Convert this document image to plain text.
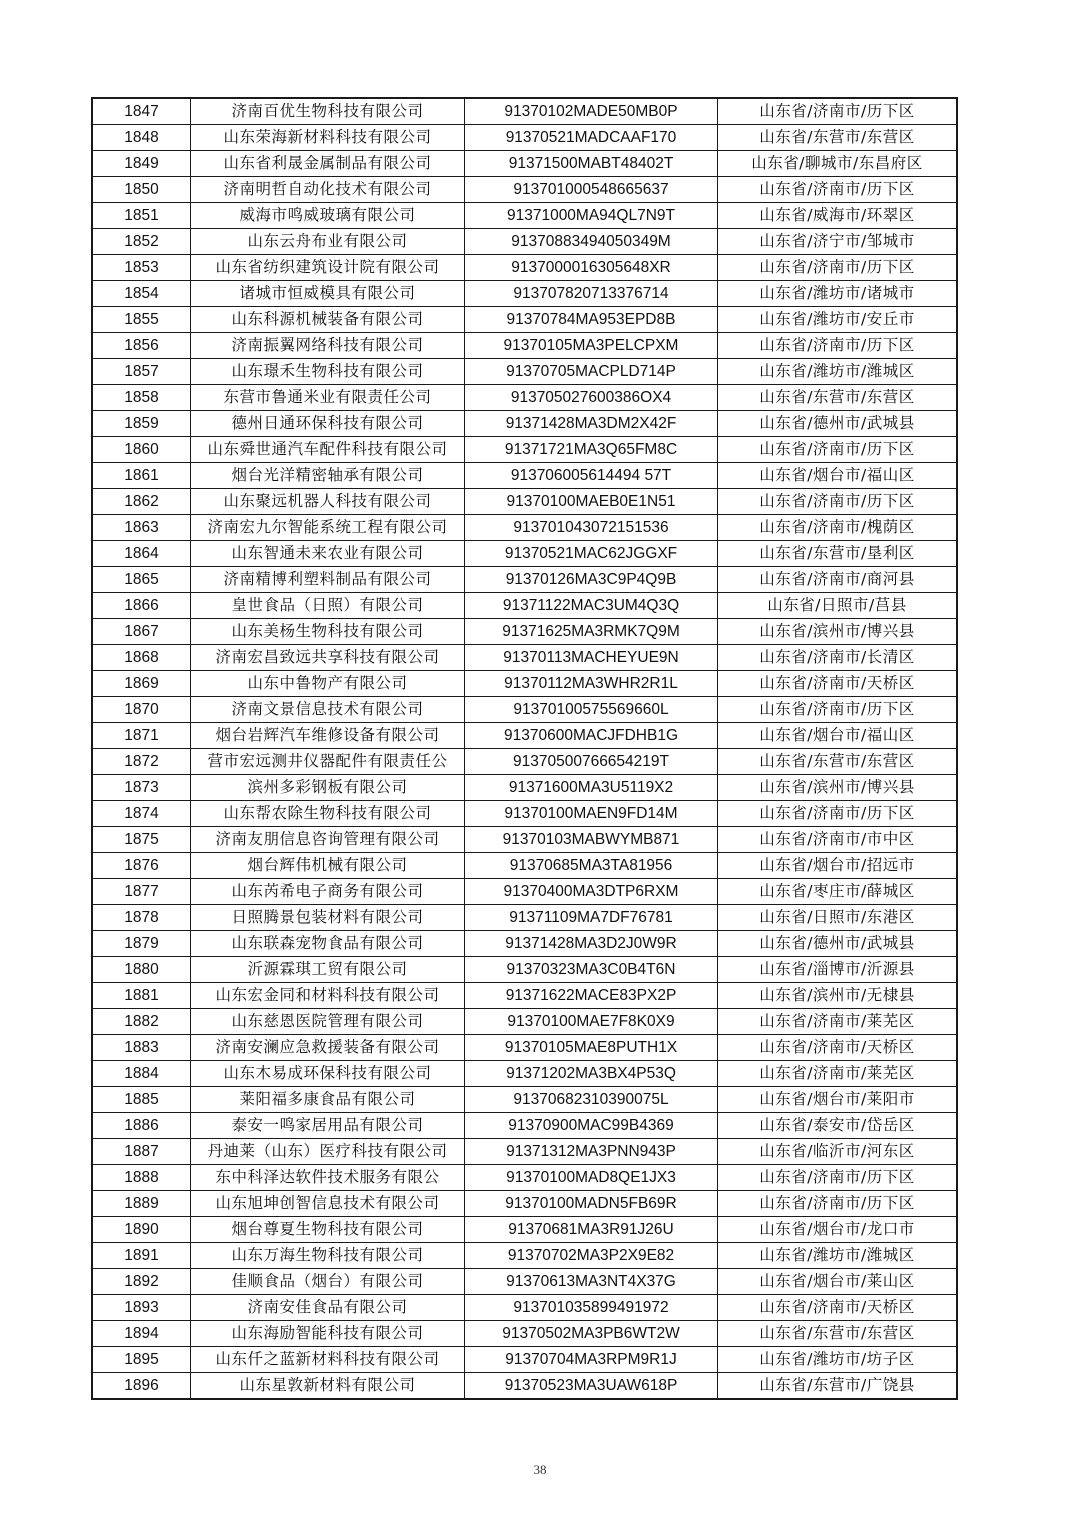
1847	济南百优生物科技有限公司	91370102MADE50MB0P	山东省/济南市/历下区
1848	山东荣海新材料科技有限公司	91370521MADCAAF170	山东省/东营市/东营区
1849	山东省利晟金属制品有限公司	91371500MABT48402T	山东省/聊城市/东昌府区
1850	济南明哲自动化技术有限公司	913701000548665637	山东省/济南市/历下区
1851	威海市鸣威玻璃有限公司	91371000MA94QL7N9T	山东省/威海市/环翠区
1852	山东云舟布业有限公司	91370883494050349M	山东省/济宁市/邹城市
1853	山东省纺织建筑设计院有限公司	9137000016305648XR	山东省/济南市/历下区
1854	诸城市恒威模具有限公司	913707820713376714	山东省/潍坊市/诸城市
1855	山东科源机械装备有限公司	91370784MA953EPD8B	山东省/潍坊市/安丘市
1856	济南振翼网络科技有限公司	91370105MA3PELCPXM	山东省/济南市/历下区
1857	山东璟禾生物科技有限公司	91370705MACPLD714P	山东省/潍坊市/潍城区
1858	东营市鲁通米业有限责任公司	913705027600386OX4	山东省/东营市/东营区
1859	德州日通环保科技有限公司	91371428MA3DM2X42F	山东省/德州市/武城县
1860	山东舜世通汽车配件科技有限公司	91371721MA3Q65FM8C	山东省/济南市/历下区
1861	烟台光洋精密轴承有限公司	913706005614494 57T	山东省/烟台市/福山区
1862	山东聚远机器人科技有限公司	91370100MAEB0E1N51	山东省/济南市/历下区
1863	济南宏九尔智能系统工程有限公司	913701043072151536	山东省/济南市/槐荫区
1864	山东智通未来农业有限公司	91370521MAC62JGGXF	山东省/东营市/垦利区
1865	济南精博利塑料制品有限公司	91370126MA3C9P4Q9B	山东省/济南市/商河县
1866	皇世食品（日照）有限公司	91371122MAC3UM4Q3Q	山东省/日照市/莒县
1867	山东美杨生物科技有限公司	91371625MA3RMK7Q9M	山东省/滨州市/博兴县
1868	济南宏昌致远共享科技有限公司	91370113MACHEYUE9N	山东省/济南市/长清区
1869	山东中鲁物产有限公司	91370112MA3WHR2R1L	山东省/济南市/天桥区
1870	济南文景信息技术有限公司	91370100575569660L	山东省/济南市/历下区
1871	烟台岩辉汽车维修设备有限公司	91370600MACJFDHB1G	山东省/烟台市/福山区
1872	营市宏远测井仪器配件有限责任公	91370500766654219T	山东省/东营市/东营区
1873	滨州多彩钢板有限公司	91371600MA3U5119X2	山东省/滨州市/博兴县
1874	山东帮农除生物科技有限公司	91370100MAEN9FD14M	山东省/济南市/历下区
1875	济南友朋信息咨询管理有限公司	91370103MABWYMB871	山东省/济南市/市中区
1876	烟台辉伟机械有限公司	91370685MA3TA81956	山东省/烟台市/招远市
1877	山东芮希电子商务有限公司	91370400MA3DTP6RXM	山东省/枣庄市/薛城区
1878	日照腾景包装材料有限公司	91371109MA7DF76781	山东省/日照市/东港区
1879	山东联森宠物食品有限公司	91371428MA3D2J0W9R	山东省/德州市/武城县
1880	沂源霖琪工贸有限公司	91370323MA3C0B4T6N	山东省/淄博市/沂源县
1881	山东宏金同和材料科技有限公司	91371622MACE83PX2P	山东省/滨州市/无棣县
1882	山东慈恩医院管理有限公司	91370100MAE7F8K0X9	山东省/济南市/莱芜区
1883	济南安澜应急救援装备有限公司	91370105MAE8PUTH1X	山东省/济南市/天桥区
1884	山东木易成环保科技有限公司	91371202MA3BX4P53Q	山东省/济南市/莱芜区
1885	莱阳福多康食品有限公司	91370682310390075L	山东省/烟台市/莱阳市
1886	泰安一鸣家居用品有限公司	91370900MAC99B4369	山东省/泰安市/岱岳区
1887	丹迪莱（山东）医疗科技有限公司	91371312MA3PNN943P	山东省/临沂市/河东区
1888	东中科泽达软件技术服务有限公	91370100MAD8QE1JX3	山东省/济南市/历下区
1889	山东旭坤创智信息技术有限公司	91370100MADN5FB69R	山东省/济南市/历下区
1890	烟台尊夏生物科技有限公司	91370681MA3R91J26U	山东省/烟台市/龙口市
1891	山东万海生物科技有限公司	91370702MA3P2X9E82	山东省/潍坊市/潍城区
1892	佳顺食品（烟台）有限公司	91370613MA3NT4X37G	山东省/烟台市/莱山区
1893	济南安佳食品有限公司	913701035899491972	山东省/济南市/天桥区
1894	山东海励智能科技有限公司	91370502MA3PB6WT2W	山东省/东营市/东营区
1895	山东仟之蓝新材料科技有限公司	91370704MA3RPM9R1J	山东省/潍坊市/坊子区
1896	山东星敦新材料有限公司	91370523MA3UAW618P	山东省/东营市/广饶县
38
